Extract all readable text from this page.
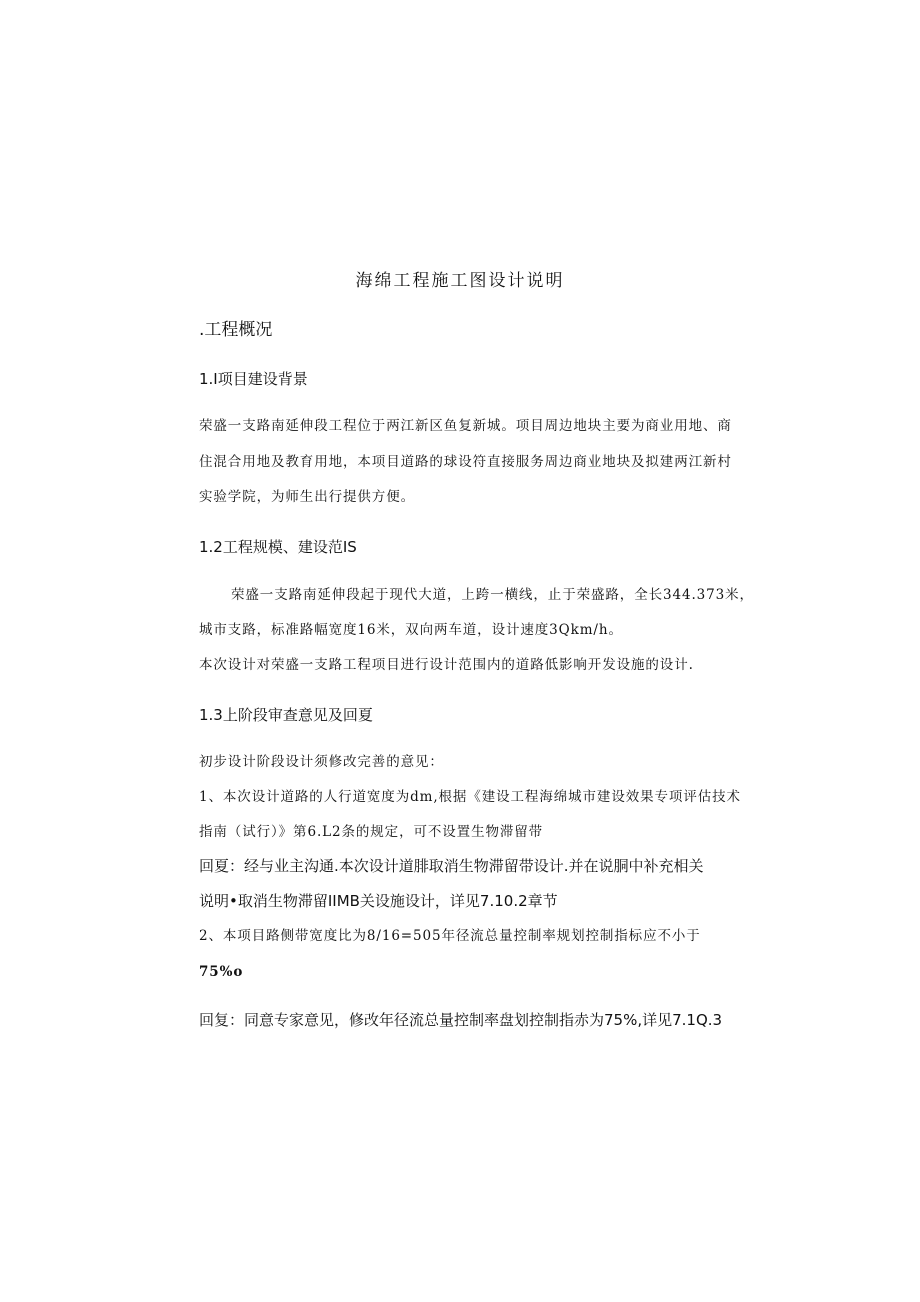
海绵工程施工图设计说明
.工程概况
1.I项目建设背景
荣盛一支路南延伸段工程位于两江新区鱼复新城。项目周边地块主要为商业用地、商
住混合用地及教育用地，本项目道路的球设符直接服务周边商业地块及拟建两江新村
实验学院，为师生出行提供方便。
1.2工程规模、建设范IS
荣盛一支路南延伸段起于现代大道，上跨一横线，止于荣盛路，全长344.373米，
城市支路，标准路幅宽度16米，双向两车道，设计速度3Qkm/h。
本次设计对荣盛一支路工程项目进行设计范围内的道路低影响开发设施的设计.
1.3上阶段审查意见及回夏
初步设计阶段设计须修改完善的意见：
1、本次设计道路的人行道宽度为dm,根据《建设工程海绵城市建设效果专项评估技术
指南（试行）》第6.L2条的规定，可不设置生物滞留带
回夏：经与业主沟通.本次设计道腓取消生物滞留带设计.并在说胴中补充相关
说明•取消生物滞留IIMB关设施设计，详见7.10.2章节
2、本项目路侧带宽度比为8/16=505年径流总量控制率规划控制指标应不小于
75%o
回复：同意专家意见，修改年径流总量控制率盘划控制指赤为75%,详见7.1Q.3
